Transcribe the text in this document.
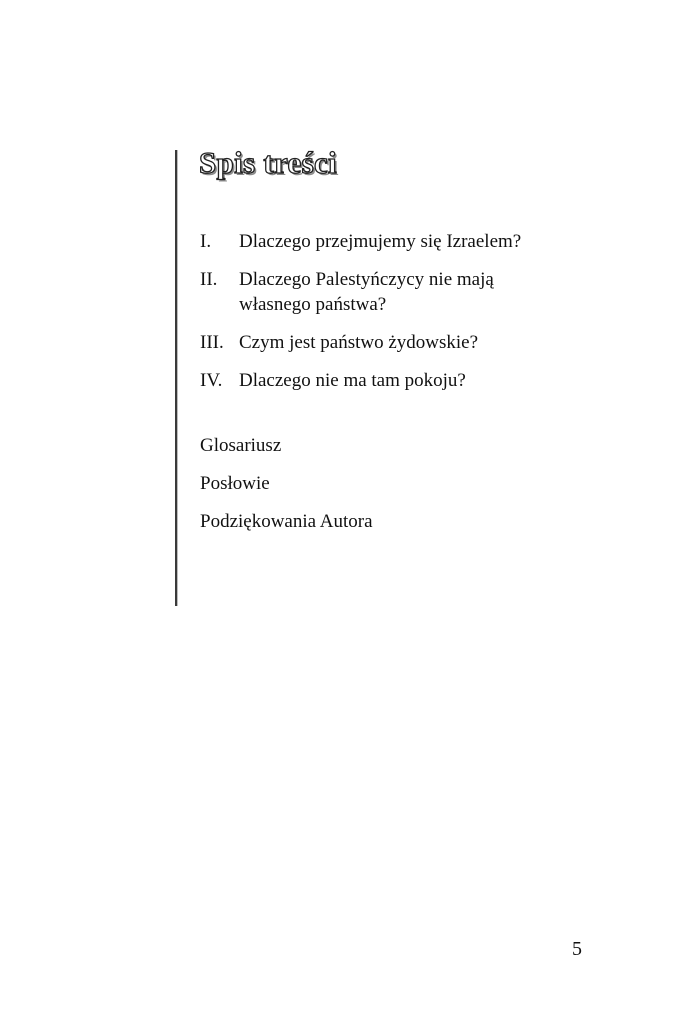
Spis treści
I. Dlaczego przejmujemy się Izraelem?
II. Dlaczego Palestyńczycy nie mają
własnego państwa?
III. Czym jest państwo żydowskie?
IV. Dlaczego nie ma tam pokoju?
Glosariusz
Posłowie
Podziękowania Autora
5
